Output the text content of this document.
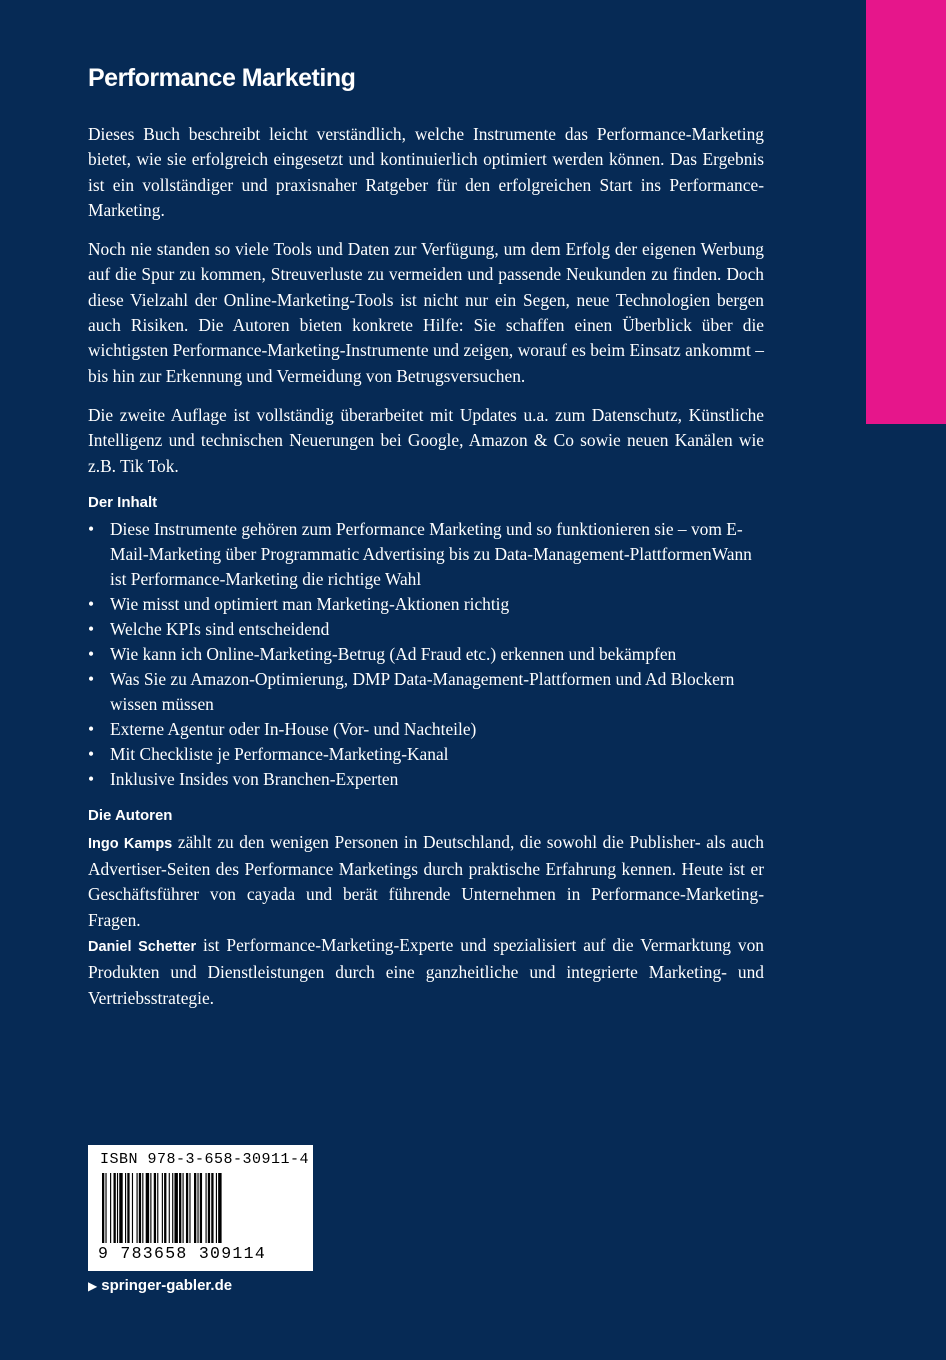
Performance Marketing

Dieses Buch beschreibt leicht verständlich, welche Instrumente das Performance-Marketing bietet, wie sie erfolgreich eingesetzt und kontinuierlich optimiert werden können. Das Ergebnis ist ein vollständiger und praxisnaher Ratgeber für den erfolgreichen Start ins Performance-Marketing.

Noch nie standen so viele Tools und Daten zur Verfügung, um dem Erfolg der eigenen Werbung auf die Spur zu kommen, Streuverluste zu vermeiden und passende Neukunden zu finden. Doch diese Vielzahl der Online-Marketing-Tools ist nicht nur ein Segen, neue Technologien bergen auch Risiken. Die Autoren bieten konkrete Hilfe: Sie schaffen einen Überblick über die wichtigsten Performance-Marketing-Instrumente und zeigen, worauf es beim Einsatz ankommt – bis hin zur Erkennung und Vermeidung von Betrugsversuchen.

Die zweite Auflage ist vollständig überarbeitet mit Updates u.a. zum Datenschutz, Künstliche Intelligenz und technischen Neuerungen bei Google, Amazon & Co sowie neuen Kanälen wie z.B. Tik Tok.

Der Inhalt
• Diese Instrumente gehören zum Performance Marketing und so funktionieren sie – vom E-Mail-Marketing über Programmatic Advertising bis zu Data-Management-PlattformenWann ist Performance-Marketing die richtige Wahl
• Wie misst und optimiert man Marketing-Aktionen richtig
• Welche KPIs sind entscheidend
• Wie kann ich Online-Marketing-Betrug (Ad Fraud etc.) erkennen und bekämpfen
• Was Sie zu Amazon-Optimierung, DMP Data-Management-Plattformen und Ad Blockern wissen müssen
• Externe Agentur oder In-House (Vor- und Nachteile)
• Mit Checkliste je Performance-Marketing-Kanal
• Inklusive Insides von Branchen-Experten
Die Autoren

Ingo Kamps zählt zu den wenigen Personen in Deutschland, die sowohl die Publisher- als auch Advertiser-Seiten des Performance Marketings durch praktische Erfahrung kennen. Heute ist er Geschäftsführer von cayada und berät führende Unternehmen in Performance-Marketing-Fragen.

Daniel Schetter ist Performance-Marketing-Experte und spezialisiert auf die Vermarktung von Produkten und Dienstleistungen durch eine ganzheitliche und integrierte Marketing- und Vertriebsstrategie.

ISBN 978-3-658-30911-4
9 783658 309114
▶ springer-gabler.de
